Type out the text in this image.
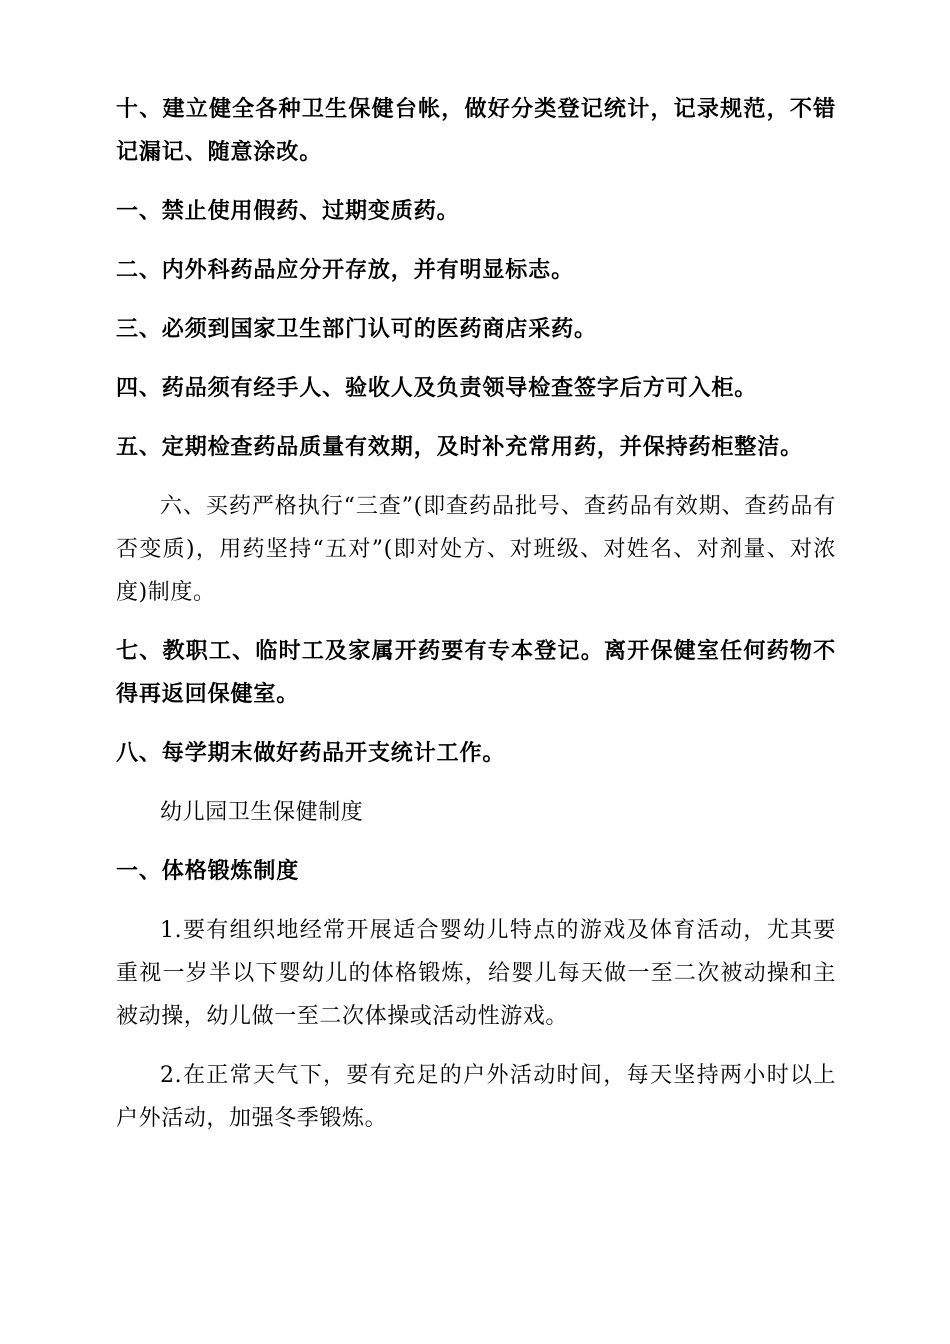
十、建立健全各种卫生保健台帐，做好分类登记统计，记录规范，不错记漏记、随意涂改。

一、禁止使用假药、过期变质药。

二、内外科药品应分开存放，并有明显标志。

三、必须到国家卫生部门认可的医药商店采药。

四、药品须有经手人、验收人及负责领导检查签字后方可入柜。

五、定期检查药品质量有效期，及时补充常用药，并保持药柜整洁。

六、买药严格执行“三查”(即查药品批号、查药品有效期、查药品有否变质)，用药坚持“五对”(即对处方、对班级、对姓名、对剂量、对浓度)制度。

七、教职工、临时工及家属开药要有专本登记。离开保健室任何药物不得再返回保健室。

八、每学期末做好药品开支统计工作。

幼儿园卫生保健制度

一、体格锻炼制度

1.要有组织地经常开展适合婴幼儿特点的游戏及体育活动，尤其要重视一岁半以下婴幼儿的体格锻炼，给婴儿每天做一至二次被动操和主被动操，幼儿做一至二次体操或活动性游戏。

2.在正常天气下，要有充足的户外活动时间，每天坚持两小时以上户外活动，加强冬季锻炼。
